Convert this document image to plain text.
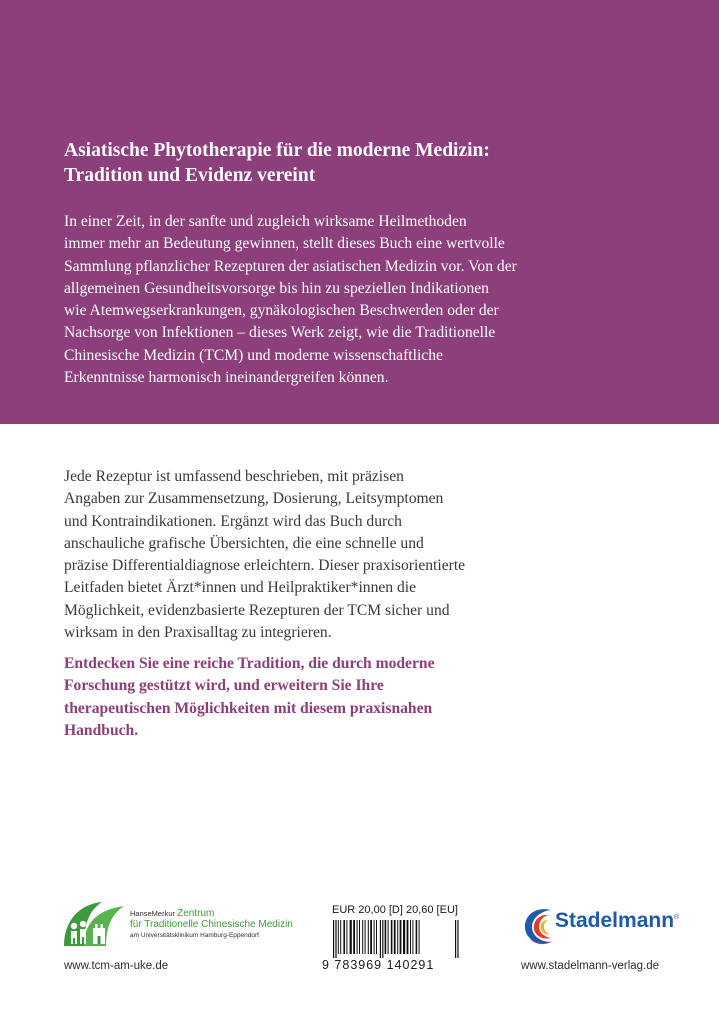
Asiatische Phytotherapie für die moderne Medizin:
Tradition und Evidenz vereint
In einer Zeit, in der sanfte und zugleich wirksame Heilmethoden
immer mehr an Bedeutung gewinnen, stellt dieses Buch eine wertvolle
Sammlung pflanzlicher Rezepturen der asiatischen Medizin vor. Von der
allgemeinen Gesundheitsvorsorge bis hin zu speziellen Indikationen
wie Atemwegserkrankungen, gynäkologischen Beschwerden oder der
Nachsorge von Infektionen – dieses Werk zeigt, wie die Traditionelle
Chinesische Medizin (TCM) und moderne wissenschaftliche
Erkenntnisse harmonisch ineinandergreifen können.
Jede Rezeptur ist umfassend beschrieben, mit präzisen
Angaben zur Zusammensetzung, Dosierung, Leitsymptomen
und Kontraindikationen. Ergänzt wird das Buch durch
anschauliche grafische Übersichten, die eine schnelle und
präzise Differentialdiagnose erleichtern. Dieser praxisorientierte
Leitfaden bietet Ärzt*innen und Heilpraktiker*innen die
Möglichkeit, evidenzbasierte Rezepturen der TCM sicher und
wirksam in den Praxisalltag zu integrieren.
Entdecken Sie eine reiche Tradition, die durch moderne
Forschung gestützt wird, und erweitern Sie Ihre
therapeutischen Möglichkeiten mit diesem praxisnahen
Handbuch.
HanseMerkur Zentrum
für Traditionelle Chinesische Medizin
am Universitätsklinikum Hamburg-Eppendorf
www.tcm-am-uke.de
EUR 20,00 [D] 20,60 [EU]
9 783969 140291
Stadelmann®
www.stadelmann-verlag.de
